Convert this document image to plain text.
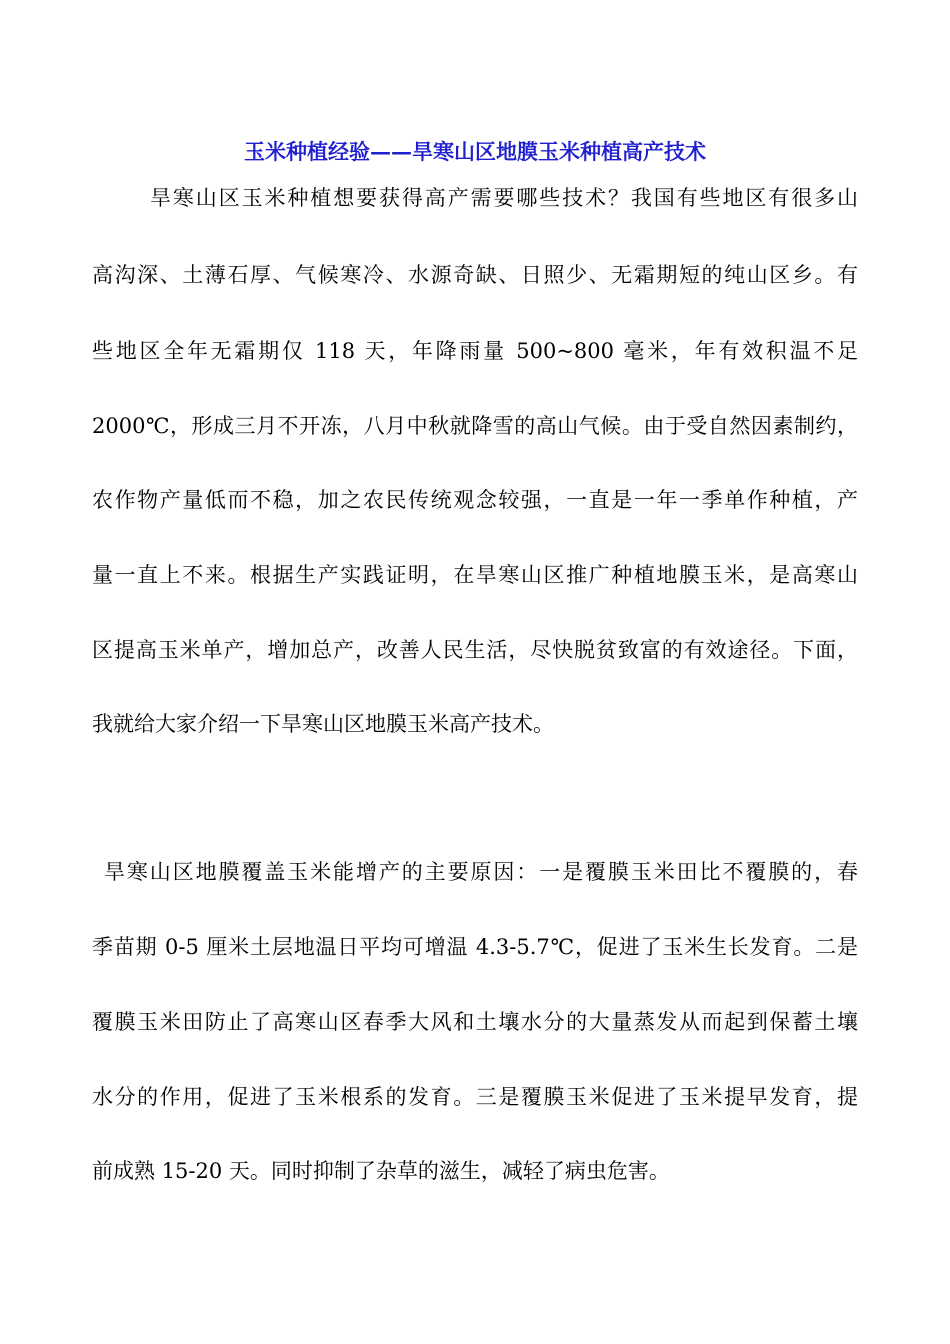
玉米种植经验——旱寒山区地膜玉米种植高产技术
旱寒山区玉米种植想要获得高产需要哪些技术？我国有些地区有很多山
高沟深、土薄石厚、气候寒冷、水源奇缺、日照少、无霜期短的纯山区乡。有
些地区全年无霜期仅 118 天，年降雨量 500~800 毫米，年有效积温不足
2000℃，形成三月不开冻，八月中秋就降雪的高山气候。由于受自然因素制约，
农作物产量低而不稳，加之农民传统观念较强，一直是一年一季单作种植，产
量一直上不来。根据生产实践证明，在旱寒山区推广种植地膜玉米，是高寒山
区提高玉米单产，增加总产，改善人民生活，尽快脱贫致富的有效途径。下面，
我就给大家介绍一下旱寒山区地膜玉米高产技术。
旱寒山区地膜覆盖玉米能增产的主要原因：一是覆膜玉米田比不覆膜的，春
季苗期 0-5 厘米土层地温日平均可增温 4.3-5.7℃，促进了玉米生长发育。二是
覆膜玉米田防止了高寒山区春季大风和土壤水分的大量蒸发从而起到保蓄土壤
水分的作用，促进了玉米根系的发育。三是覆膜玉米促进了玉米提早发育，提
前成熟 15-20 天。同时抑制了杂草的滋生，减轻了病虫危害。
